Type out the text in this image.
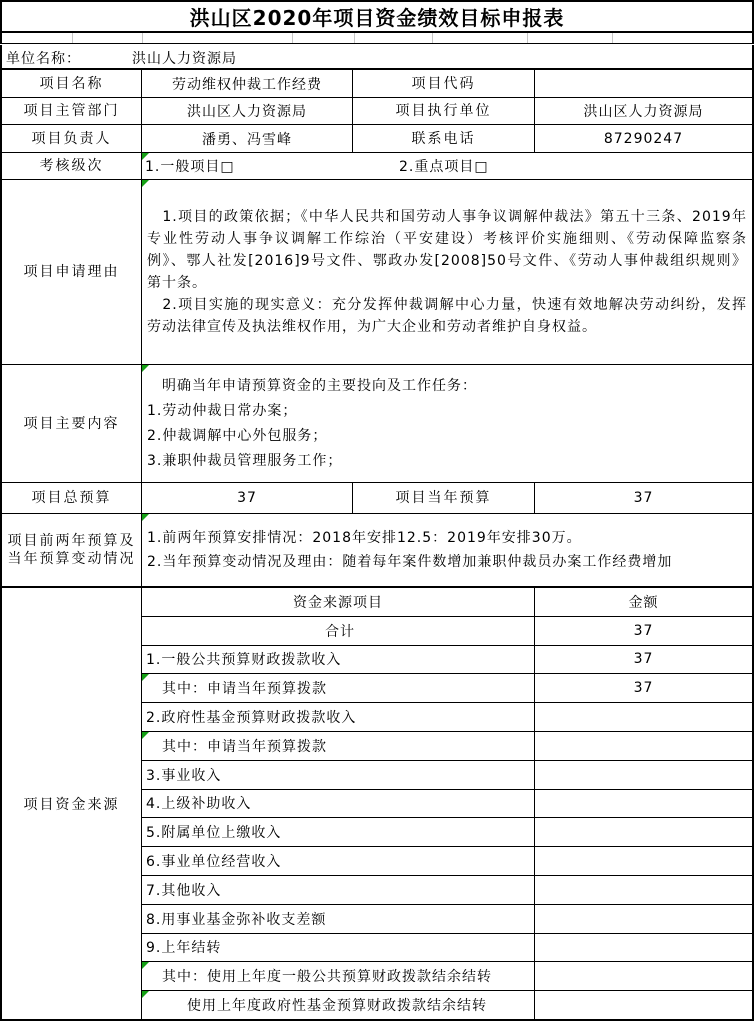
洪山区2020年项目资金绩效目标申报表
单位名称：	洪山人力资源局
项目名称	劳动维权仲裁工作经费	项目代码
项目主管部门	洪山区人力资源局	项目执行单位	洪山区人力资源局
项目负责人	潘勇、冯雪峰	联系电话	87290247
考核级次	1.一般项目□	2.重点项目□
项目申请理由

　1.项目的政策依据；《中华人民共和国劳动人事争议调解仲裁法》第五十三条、2019年专业性劳动人事争议调解工作综治（平安建设）考核评价实施细则、《劳动保障监察条例》、鄂人社发[2016]9号文件、鄂政办发[2008]50号文件、《劳动人事仲裁组织规则》第十条。

　2.项目实施的现实意义：充分发挥仲裁调解中心力量，快速有效地解决劳动纠纷，发挥劳动法律宣传及执法维权作用，为广大企业和劳动者维护自身权益。

项目主要内容

　明确当年申请预算资金的主要投向及工作任务：

1.劳动仲裁日常办案；

2.仲裁调解中心外包服务；

3.兼职仲裁员管理服务工作；

项目总预算	37	项目当年预算	37
项目前两年预算及
当年预算变动情况

1.前两年预算安排情况：2018年安排12.5：2019年安排30万。

2.当年预算变动情况及理由：随着每年案件数增加兼职仲裁员办案工作经费增加

项目资金来源
资金来源项目	金额
合计	37
1.一般公共预算财政拨款收入	37
其中：申请当年预算拨款	37
2.政府性基金预算财政拨款收入
其中：申请当年预算拨款
3.事业收入
4.上级补助收入
5.附属单位上缴收入
6.事业单位经营收入
7.其他收入
8.用事业基金弥补收支差额
9.上年结转
其中：使用上年度一般公共预算财政拨款结余结转
使用上年度政府性基金预算财政拨款结余结转
